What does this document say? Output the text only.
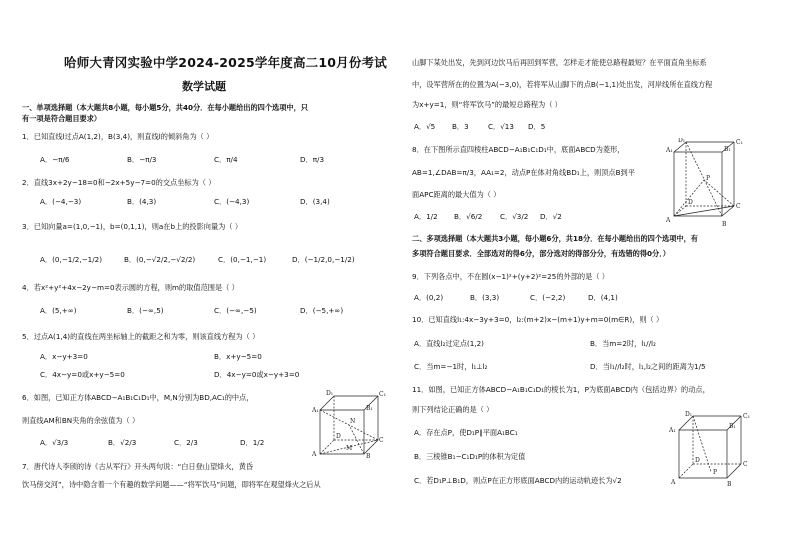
哈师大青冈实验中学2024-2025学年度高二10月份考试
数学试题
一、单项选择题（本大题共8小题，每小题5分，共40分．在每小题给出的四个选项中，只
有一项是符合题目要求）
1．已知直线l过点A(1,2)，B(3,4)，则直线l的倾斜角为（ ）
A．−π/6	B．−π/3	C．π/4	D．π/3
2．直线3x+2y−18=0和−2x+5y−7=0的交点坐标为（ ）
A．(−4,−3)	B．(4,3)	C．(−4,3)	D．(3,4)
3．已知向量a=(1,0,−1)，b=(0,1,1)，则a在b上的投影向量为（ ）
A．(0,−1/2,−1/2)	B．(0,−√2/2,−√2/2)	C．(0,−1,−1)	D．(−1/2,0,−1/2)
4．若x²+y²+4x−2y−m=0表示圆的方程，则m的取值范围是（ ）
A．(5,+∞)	B．(−∞,5)	C．(−∞,−5)	D．(−5,+∞)
5．过点A(1,4)的直线在两坐标轴上的截距之和为零，则该直线方程为（ ）
A．x−y+3=0	B．x+y−5=0
C．4x−y=0或x+y−5=0	D．4x−y=0或x−y+3=0
6．如图，已知正方体ABCD−A₁B₁C₁D₁中，M,N分别为BD,AC₁的中点，
则直线AM和BN夹角的余弦值为（ ）
A．√3/3	B．√2/3	C．2/3	D．1/2
7．唐代诗人李颀的诗《古从军行》开头两句说：“白日登山望烽火，黄昏
饮马傍交河”，诗中隐含着一个有趣的数学问题——“将军饮马”问题，即将军在观望烽火之后从
A₁	B₁
D₁	C₁
A	B
C
D
N
M
山脚下某处出发，先到河边饮马后再回到军营，怎样走才能使总路程最短？在平面直角坐标系
中，设军营所在的位置为A(−3,0)，若将军从山脚下的点B(−1,1)处出发，河岸线所在直线方程
为x+y=1，则“将军饮马”的最短总路程为（ ）
A．√5 B．3	C．√13 D．5
8．在下图所示直四棱柱ABCD−A₁B₁C₁D₁中，底面ABCD为菱形，
AB=1,∠DAB=π/3，AA₁=2，动点P在体对角线BD₁上，则顶点B到平
面APC距离的最大值为（ ）
A．1/2 B．√6/2 C．√3/2 D．√2
D₁	C₁
A₁	B₁
A
B
C
D
P
二、多项选择题（本大题共3小题，每小题6分，共18分．在每小题给出的四个选项中，有
多项符合题目要求．全部选对的得6分，部分选对的得部分分，有选错的得0分．）
9．下列各点中，不在圆(x−1)²+(y+2)²=25的外部的是（ ）
A．(0,2)	B．(3,3)	C．(−2,2)	D．(4,1)
10．已知直线l₁:4x−3y+3=0，l₂:(m+2)x−(m+1)y+m=0(m∈R)，则（ ）
A．直线l₂过定点(1,2)	B．当m=2时，l₁//l₂
C．当m=−1时，l₁⊥l₂	D．当l₁//l₂时，l₁,l₂之间的距离为1/5
11．如图，已知正方体ABCD−A₁B₁C₁D₁的棱长为1，P为底面ABCD内（包括边界）的动点，
则下列结论正确的是（ ）
A．存在点P，使D₁P∥平面A₁BC₁
B．三棱锥B₁−C₁D₁P的体积为定值
C．若D₁P⊥B₁D，则点P在正方形底面ABCD内的运动轨迹长为√2
D₁	C₁
A₁
B₁
A	B
C
D
P
